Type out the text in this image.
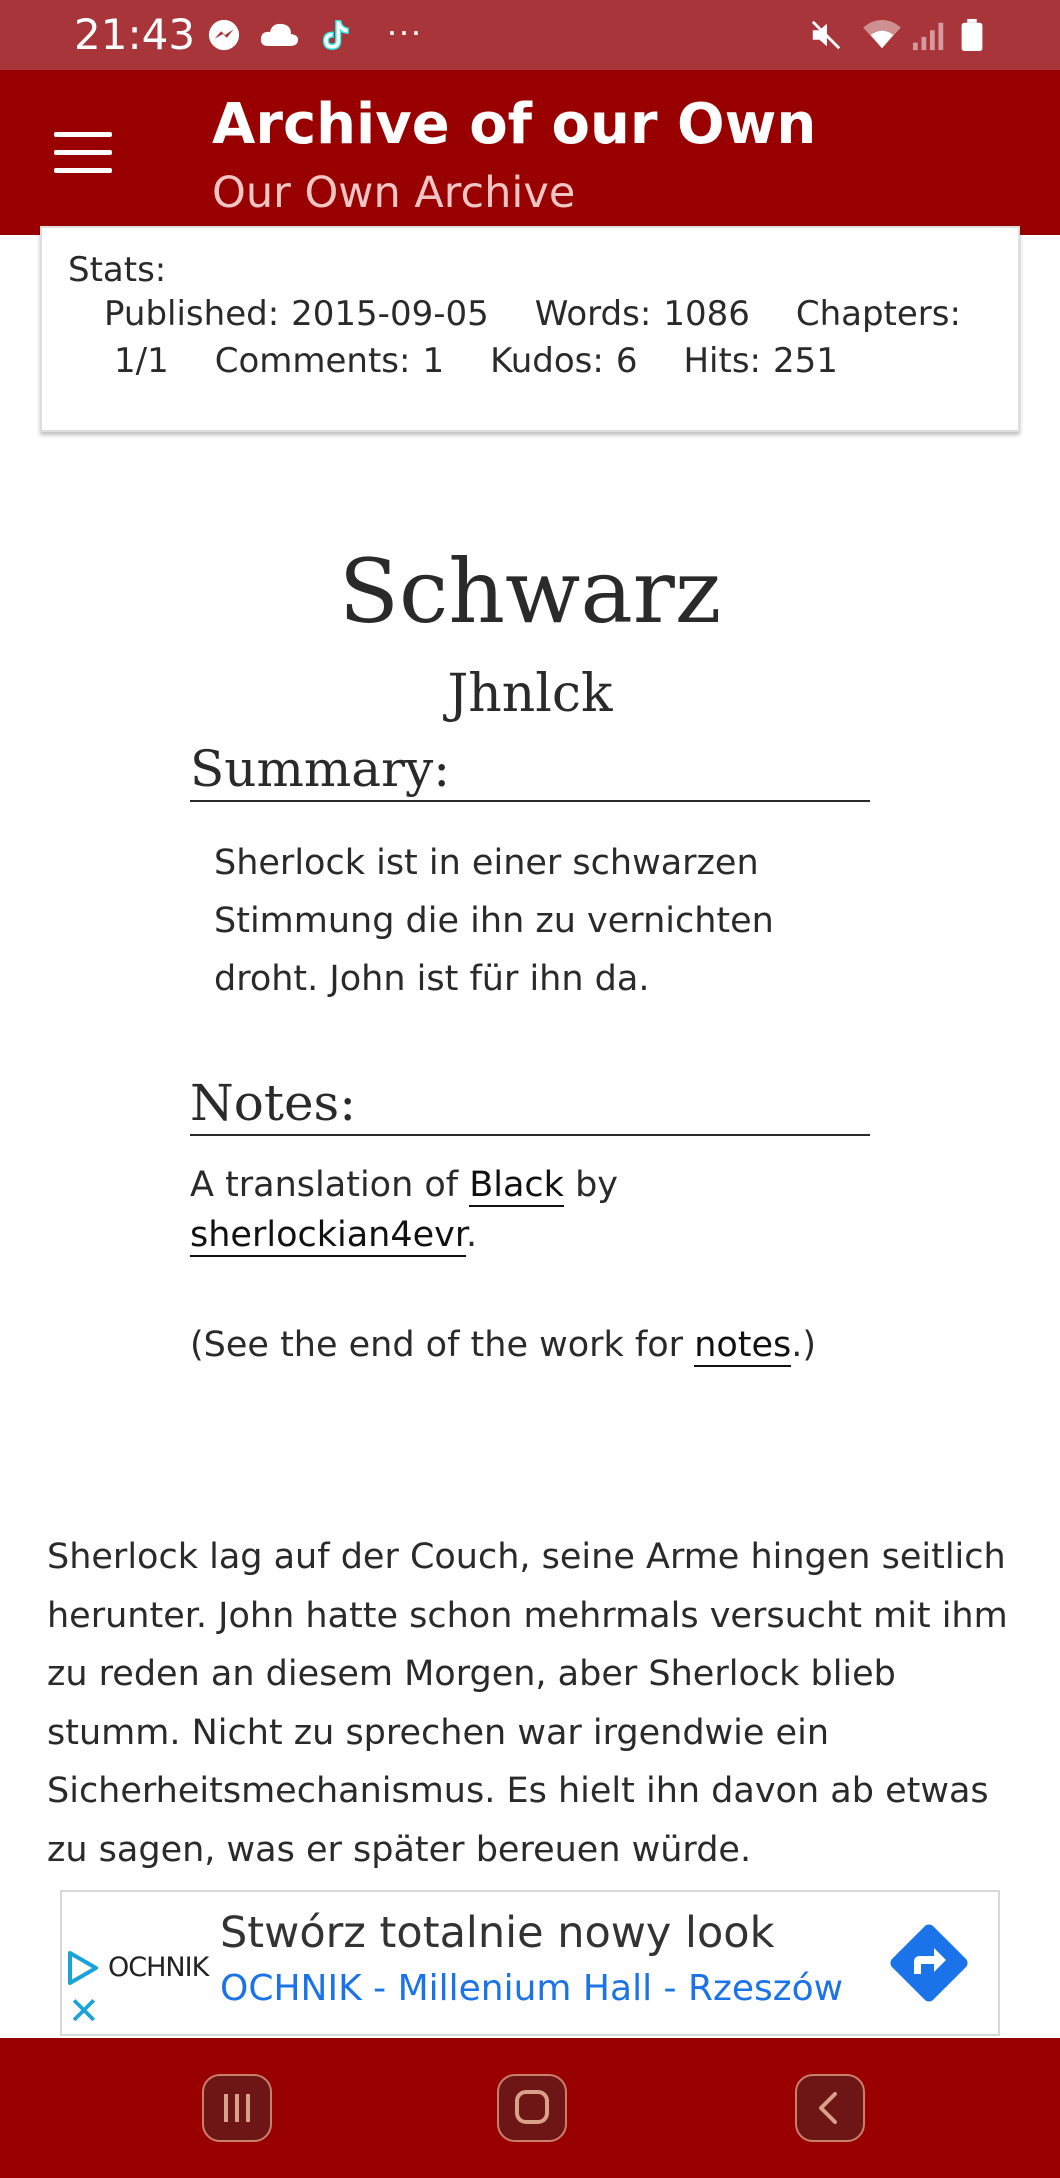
21:43	···
Archive of our Own
Our Own Archive
Stats:
Published: 2015-09-05 Words: 1086 Chapters:
1/1 Comments: 1 Kudos: 6 Hits: 251
Schwarz
Jhnlck
Summary:
Sherlock ist in einer schwarzen
Stimmung die ihn zu vernichten
droht. John ist für ihn da.
Notes:
A translation of Black by
sherlockian4evr.
(See the end of the work for notes.)
Sherlock lag auf der Couch, seine Arme hingen seitlich
herunter. John hatte schon mehrmals versucht mit ihm
zu reden an diesem Morgen, aber Sherlock blieb
stumm. Nicht zu sprechen war irgendwie ein
Sicherheitsmechanismus. Es hielt ihn davon ab etwas
zu sagen, was er später bereuen würde.
OCHNIK
✕
Stwórz totalnie nowy look
OCHNIK - Millenium Hall - Rzeszów
